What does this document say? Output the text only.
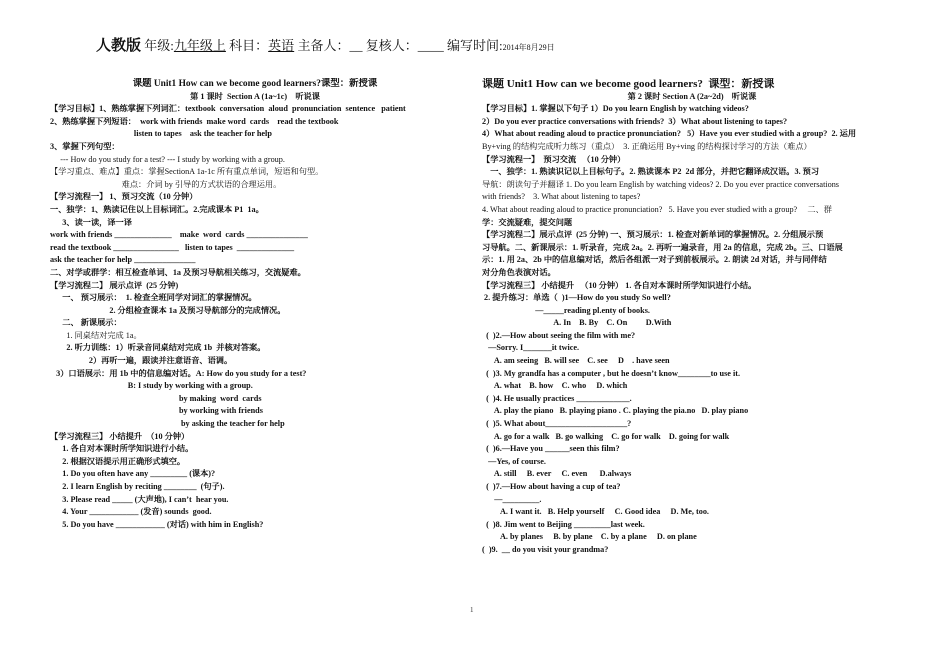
人教版 年级:九年级上 科目：英语 主备人：__ 复核人：____ 编写时间:2014年8月29日
课题 Unit1 How can we become good learners?课型：新授课
第 1 课时  Section A (1a~1c)    听说课
【学习目标】1、熟练掌握下列词汇：textbook  conversation  aloud  pronunciation  sentence   patient
2、熟练掌握下列短语：  work with friends  make word  cards    read the textbook
listen to tapes    ask the teacher for help
3、掌握下列句型：
--- How do you study for a test? --- I study by working with a group.
【学习重点、难点】重点：掌握SectionA 1a-1c 所有重点单词，短语和句型。
难点：介词 by 引导的方式状语的合理运用。
【学习流程一】 1、预习交流（10 分钟）
一、独学：1、熟读记住以上目标词汇。2.完成课本 P1  1a。
3、读一读，译一译
work with friends ______________    make  word  cards _______________
read the textbook ________________   listen to tapes  ______________
ask the teacher for help _______________
二、对学或群学：相互检查单词、1a 及预习导航相关练习，交流疑难。
【学习流程二】 展示点评  (25 分钟)
一、 预习展示：  1. 检查全班同学对词汇的掌握情况。
2. 分组检查课本 1a 及预习导航部分的完成情况。
二、 新课展示：
1. 同桌结对完成 1a。
2. 听力训练：1）听录音同桌结对完成 1b  并核对答案。
2）再听一遍，跟读并注意语音、语调。
3）口语展示：用 1b 中的信息编对话。A: How do you study for a test?
B: I study by working with a group.
by making  word  cards
by working with friends
by asking the teacher for help
【学习流程三】 小结提升  （10 分钟）
1. 各自对本课时所学知识进行小结。
2. 根据汉语提示用正确形式填空。
1. Do you often have any _________ (课本)?
2. I learn English by reciting ________  (句子).
3. Please read _____ (大声地), I can’t  hear you.
4. Your ____________ (发音) sounds  good.
5. Do you have ____________ (对话) with him in English?
课题 Unit1 How can we become good learners?  课型：新授课
第 2 课时 Section A (2a~2d)    听说课
【学习目标】1. 掌握以下句子 1）Do you learn English by watching videos?
2）Do you ever practice conversations with friends?  3）What about listening to tapes?
4）What about reading aloud to practice pronunciation?   5）Have you ever studied with a group?  2. 运用
By+ving 的结构完成听力练习（重点）  3. 正确运用 By+ving 的结构探讨学习的方法（难点）
【学习流程一】  预习交流   （10 分钟）
一、独学：1. 熟读识记以上目标句子。2. 熟读课本 P2  2d 部分，并把它翻译成汉语。3. 预习
导航：朗读句子并翻译 1. Do you learn English by watching videos? 2. Do you ever practice conversations
with friends?    3. What about listening to tapes?
4. What about reading aloud to practice pronunciation?   5. Have you ever studied with a group?     二、群
学：交流疑难，提交问题
【学习流程二】展示点评  (25 分钟) 一、预习展示：1. 检查对新单词的掌握情况。2. 分组展示预
习导航。二、新课展示：1. 听录音，完成 2a。2. 再听一遍录音，用 2a 的信息，完成 2b。三、口语展
示：1. 用 2a、2b 中的信息编对话，然后各组派一对子到前板展示。2. 朗读 2d 对话，并与同伴结
对分角色表演对话。
【学习流程三】 小结提升   （10 分钟） 1. 各自对本课时所学知识进行小结。
2. 提升练习：单选（  )1—How do you study So well?
—_____reading pl.enty of books.
A. In    B. By    C. On         D.With
(  )2.—How about seeing the film with me?
—Sorry. I_______it twice.
A. am seeing   B. will see    C. see     D    . have seen
(  )3. My grandfa has a computer , but he doesn’t know________to use it.
A. what    B. how    C. who     D. which
(  )4. He usually practices _____________.
A. play the piano   B. playing piano . C. playing the pia.no   D. play piano
(  )5. What about____________________?
A. go for a walk   B. go walking    C. go for walk    D. going for walk
(  )6.—Have you ______seen this film?
—Yes, of course.
A. still     B. ever     C. even      D.always
(  )7.—How about having a cup of tea?
—_________.
A. I want it.   B. Help yourself     C. Good idea     D. Me, too.
(  )8. Jim went to Beijing _________last week.
A. by planes     B. by plane    C. by a plane     D. on plane
(  )9.  __ do you visit your grandma?
1
